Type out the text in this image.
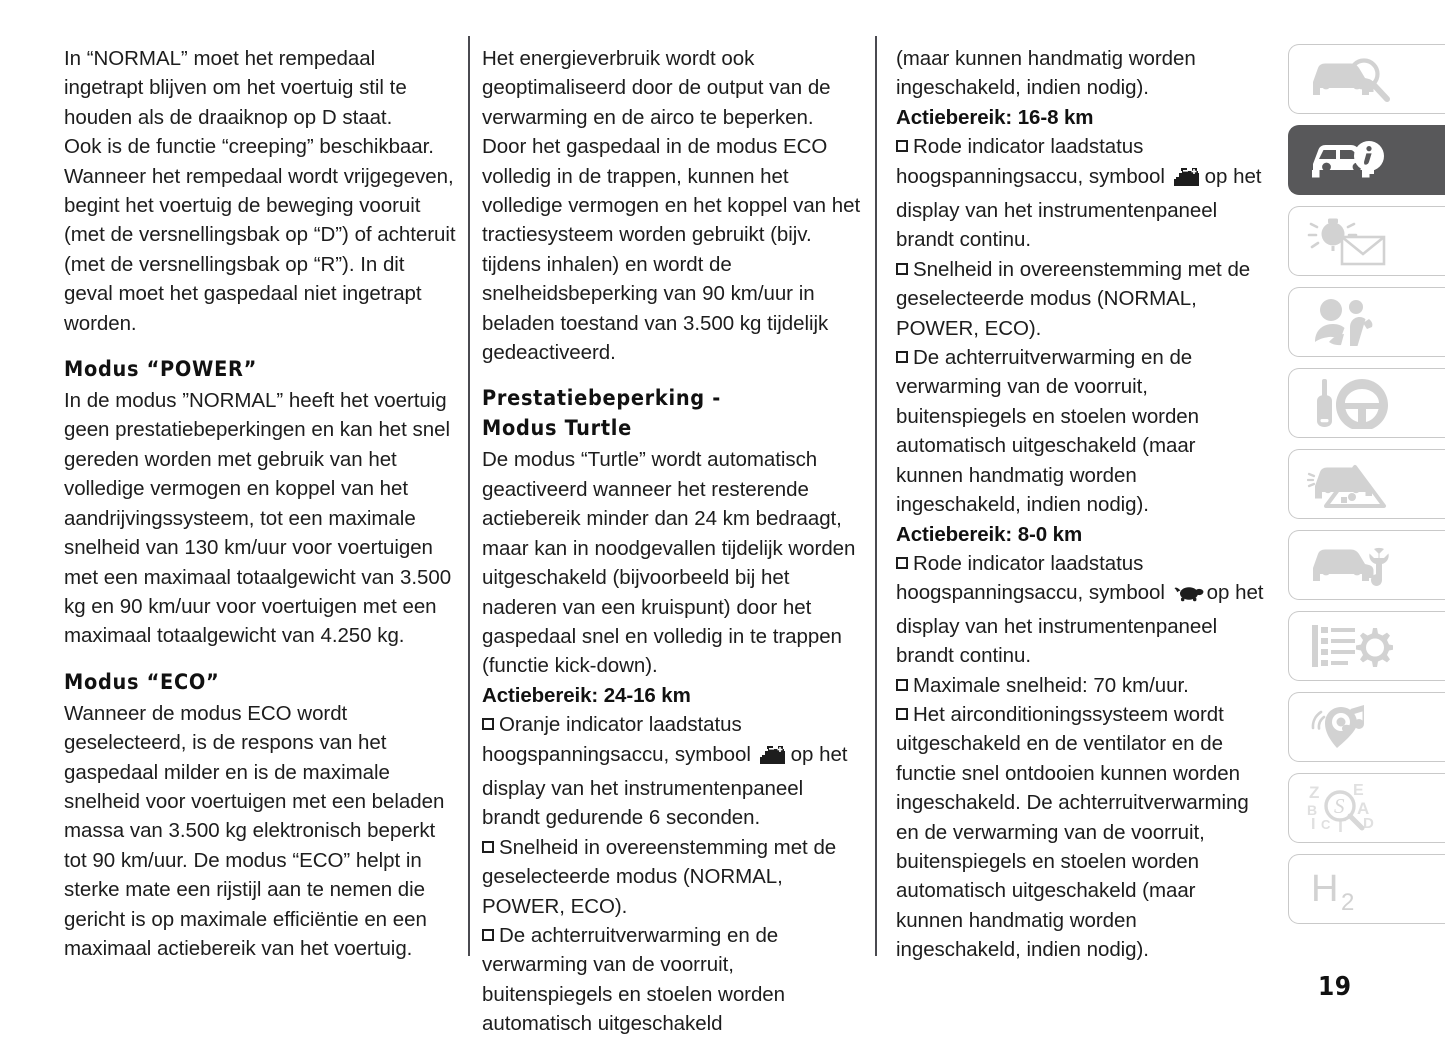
In “NORMAL” moet het rempedaal ingetrapt blijven om het voertuig stil te houden als de draaiknop op D staat.

Ook is de functie “creeping” beschikbaar. Wanneer het rempedaal wordt vrijgegeven, begint het voertuig de beweging vooruit (met de versnellingsbak op “D”) of achteruit (met de versnellingsbak op “R”). In dit geval moet het gaspedaal niet ingetrapt worden.

Modus “POWER”

In de modus ”NORMAL” heeft het voertuig geen prestatiebeperkingen en kan het snel gereden worden met gebruik van het volledige vermogen en koppel van het aandrijvingssysteem, tot een maximale snelheid van 130 km/uur voor voertuigen met een maximaal totaalgewicht van 3.500 kg en 90 km/uur voor voertuigen met een maximaal totaalgewicht van 4.250 kg.

Modus “ECO”

Wanneer de modus ECO wordt geselecteerd, is de respons van het gaspedaal milder en is de maximale snelheid voor voertuigen met een beladen massa van 3.500 kg elektronisch beperkt tot 90 km/uur. De modus “ECO” helpt in sterke mate een rijstijl aan te nemen die gericht is op maximale efficiëntie en een maximaal actiebereik van het voertuig.

Het energieverbruik wordt ook geoptimaliseerd door de output van de verwarming en de airco te beperken.

Door het gaspedaal in de modus ECO volledig in de trappen, kunnen het volledige vermogen en het koppel van het tractiesysteem worden gebruikt (bijv. tijdens inhalen) en wordt de snelheidsbeperking van 90 km/uur in beladen toestand van 3.500 kg tijdelijk gedeactiveerd.

Prestatiebeperking -
Modus Turtle

De modus “Turtle” wordt automatisch geactiveerd wanneer het resterende actiebereik minder dan 24 km bedraagt, maar kan in noodgevallen tijdelijk worden uitgeschakeld (bijvoorbeeld bij het naderen van een kruispunt) door het gaspedaal snel en volledig in te trappen (functie kick-down).

Actiebereik: 24-16 km

Oranje indicator laadstatus hoogspanningsaccu, symbool op het display van het instrumentenpaneel brandt gedurende 6 seconden.

Snelheid in overeenstemming met de geselecteerde modus (NORMAL, POWER, ECO).

De achterruitverwarming en de verwarming van de voorruit, buitenspiegels en stoelen worden automatisch uitgeschakeld

(maar kunnen handmatig worden ingeschakeld, indien nodig).

Actiebereik: 16-8 km

Rode indicator laadstatus hoogspanningsaccu, symbool op het display van het instrumentenpaneel brandt continu.

Snelheid in overeenstemming met de geselecteerde modus (NORMAL, POWER, ECO).

De achterruitverwarming en de verwarming van de voorruit, buitenspiegels en stoelen worden automatisch uitgeschakeld (maar kunnen handmatig worden ingeschakeld, indien nodig).

Actiebereik: 8-0 km

Rode indicator laadstatus hoogspanningsaccu, symbool op het display van het instrumentenpaneel brandt continu.

Maximale snelheid: 70 km/uur.

Het airconditioningssysteem wordt uitgeschakeld en de ventilator en de functie snel ontdooien kunnen worden ingeschakeld. De achterruitverwarming en de verwarming van de voorruit, buitenspiegels en stoelen worden automatisch uitgeschakeld (maar kunnen handmatig worden ingeschakeld, indien nodig).

Z
B
I C T
E
A
D
S
H 2
19
